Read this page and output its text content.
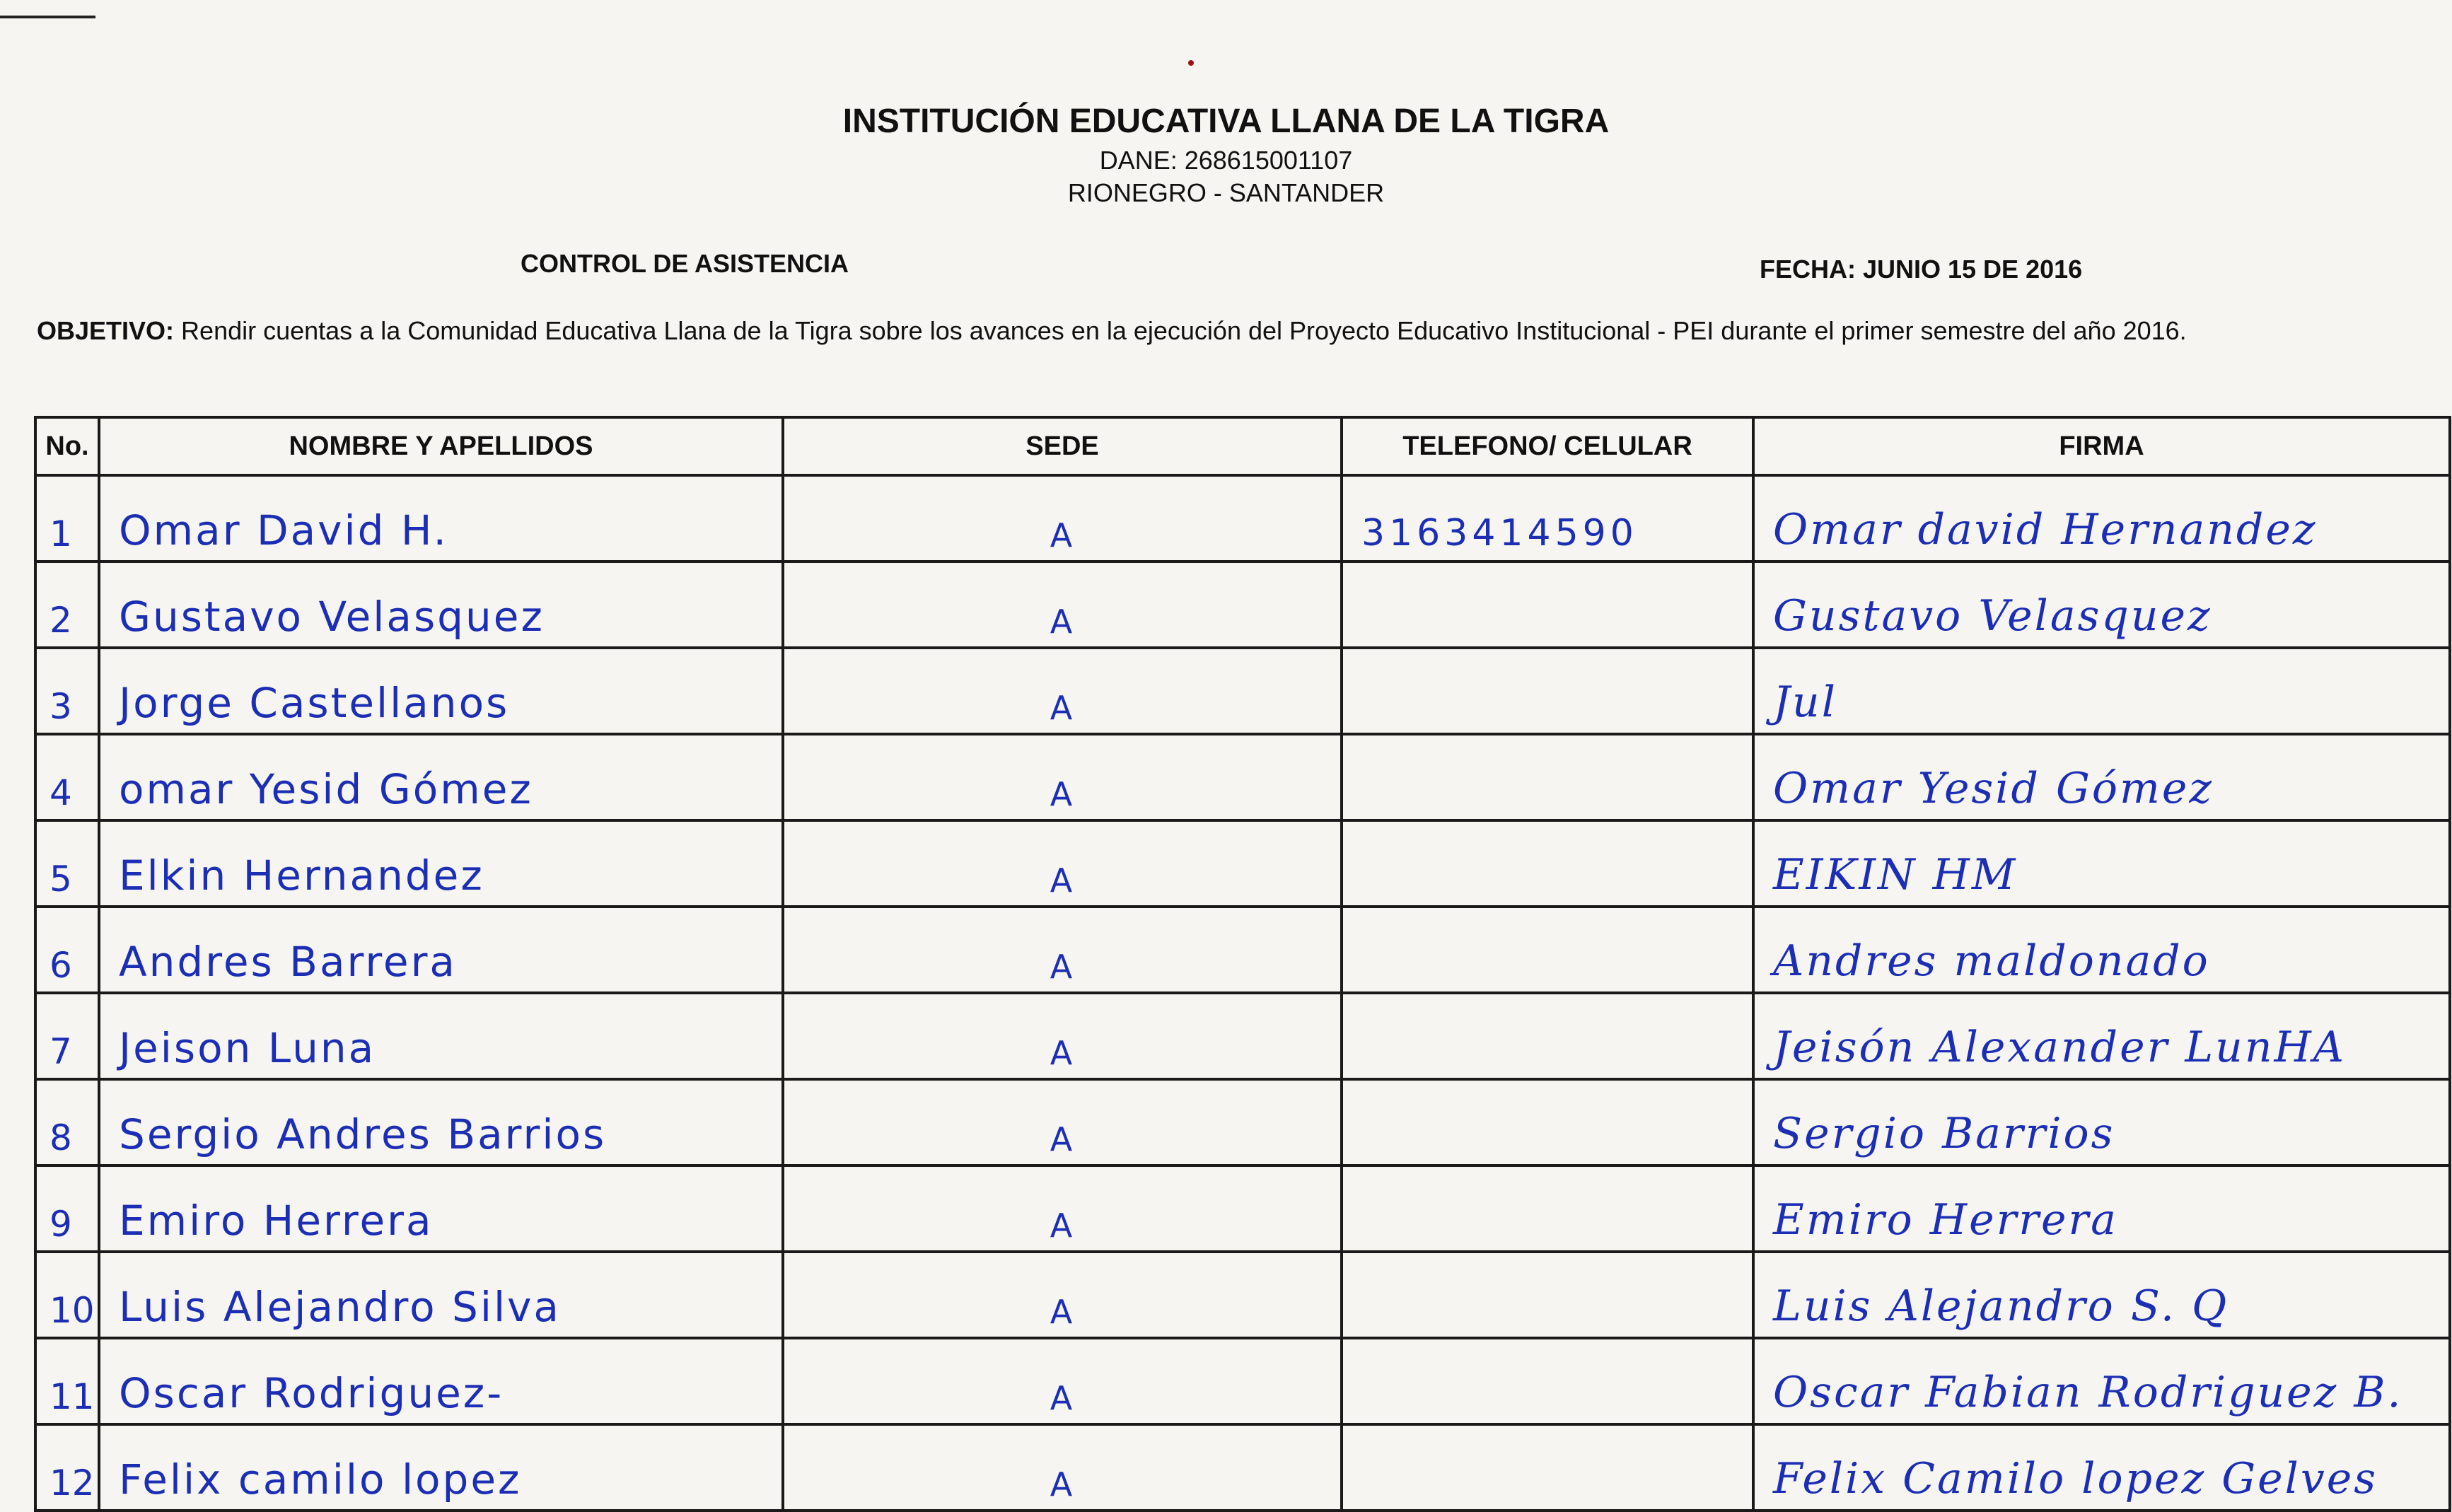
INSTITUCIÓN EDUCATIVA LLANA DE LA TIGRA
DANE: 268615001107
RIONEGRO - SANTANDER
CONTROL DE ASISTENCIA	FECHA: JUNIO 15 DE 2016
OBJETIVO: Rendir cuentas a la Comunidad Educativa Llana de la Tigra sobre los avances en la ejecución del Proyecto Educativo Institucional - PEI durante el primer semestre del año 2016.
No.	NOMBRE Y APELLIDOS	SEDE	TELEFONO/ CELULAR	FIRMA

1	Omar David H.	A	3163414590	Omar david Hernandez

2	Gustavo Velasquez	A		Gustavo Velasquez

3	Jorge Castellanos	A		Jul

4	omar Yesid Gómez	A		Omar Yesid Gómez

5	Elkin Hernandez	A		EIKIN HM

6	Andres Barrera	A		Andres maldonado

7	Jeison Luna	A		Jeisón Alexander LunHA

8	Sergio Andres Barrios	A		Sergio Barrios

9	Emiro Herrera	A		Emiro Herrera

10	Luis Alejandro Silva	A		Luis Alejandro S. Q

11	Oscar Rodriguez-	A		Oscar Fabian Rodriguez B.

12	Felix camilo lopez	A		Felix Camilo lopez Gelves
